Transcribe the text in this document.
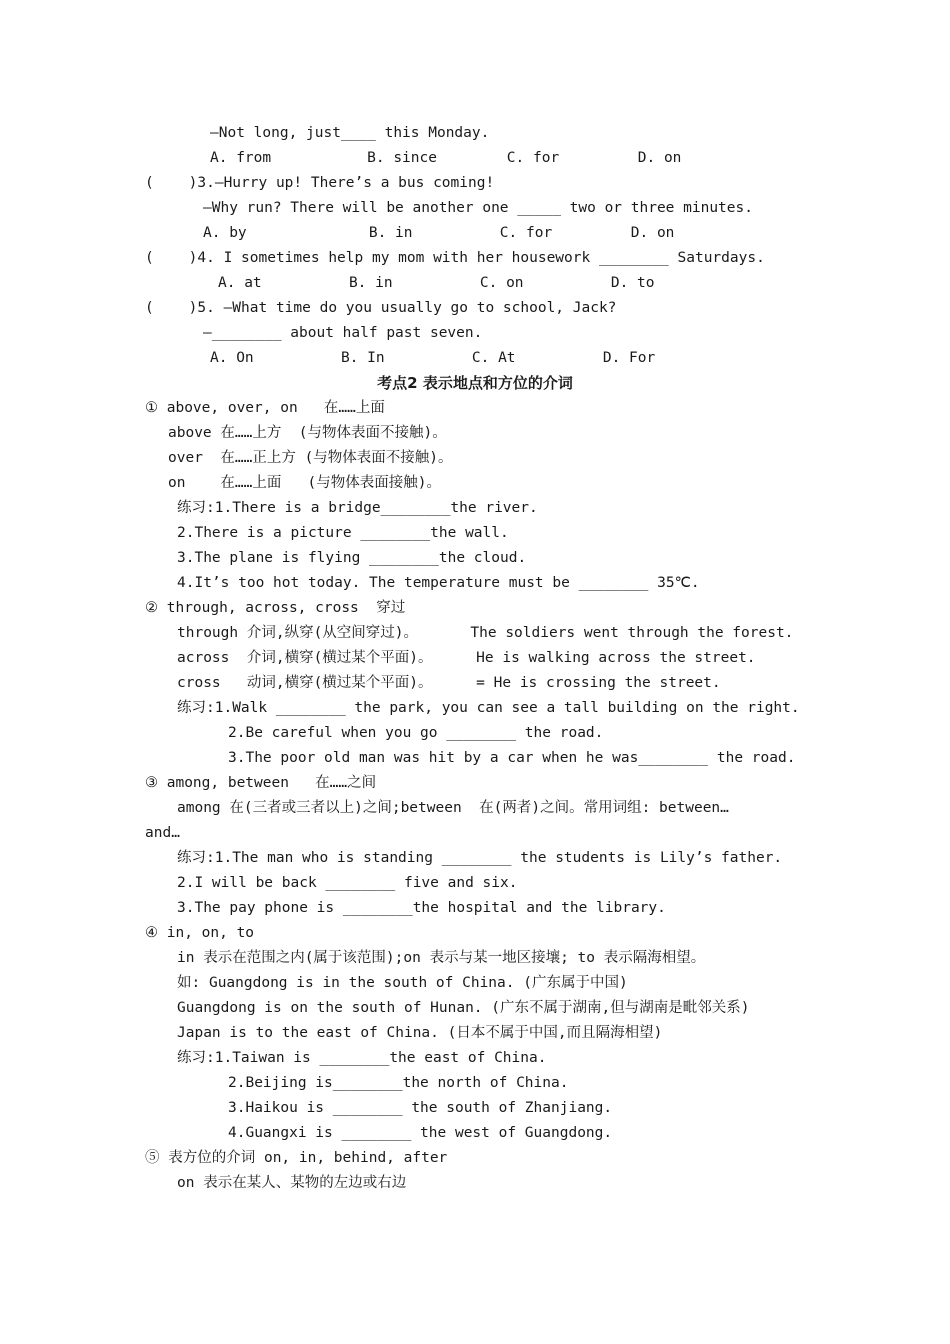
—Not long, just____ this Monday.
A. from           B. since        C. for         D. on
(    )3.—Hurry up! There’s a bus coming!
—Why run? There will be another one _____ two or three minutes.
A. by              B. in          C. for         D. on
(    )4. I sometimes help my mom with her housework ________ Saturdays.
A. at          B. in          C. on          D. to
(    )5. —What time do you usually go to school, Jack?
—________ about half past seven.
A. On          B. In          C. At          D. For
考点2 表示地点和方位的介词
① above, over, on   在……上面
above 在……上方  (与物体表面不接触)。
over  在……正上方 (与物体表面不接触)。
on    在……上面   (与物体表面接触)。
练习:1.There is a bridge________the river.
2.There is a picture ________the wall.
3.The plane is flying ________the cloud.
4.It’s too hot today. The temperature must be ________ 35℃.
② through, across, cross  穿过
through 介词,纵穿(从空间穿过)。      The soldiers went through the forest.
across  介词,横穿(横过某个平面)。     He is walking across the street.
cross   动词,横穿(横过某个平面)。     = He is crossing the street.
练习:1.Walk ________ the park, you can see a tall building on the right.
2.Be careful when you go ________ the road.
3.The poor old man was hit by a car when he was________ the road.
③ among, between   在……之间
among 在(三者或三者以上)之间;between  在(两者)之间。常用词组: between…
and…
练习:1.The man who is standing ________ the students is Lily’s father.
2.I will be back ________ five and six.
3.The pay phone is ________the hospital and the library.
④ in, on, to
in 表示在范围之内(属于该范围);on 表示与某一地区接壤; to 表示隔海相望。
如: Guangdong is in the south of China. (广东属于中国)
Guangdong is on the south of Hunan. (广东不属于湖南,但与湖南是毗邻关系)
Japan is to the east of China. (日本不属于中国,而且隔海相望)
练习:1.Taiwan is ________the east of China.
2.Beijing is________the north of China.
3.Haikou is ________ the south of Zhanjiang.
4.Guangxi is ________ the west of Guangdong.
⑤ 表方位的介词 on, in, behind, after
on 表示在某人、某物的左边或右边
